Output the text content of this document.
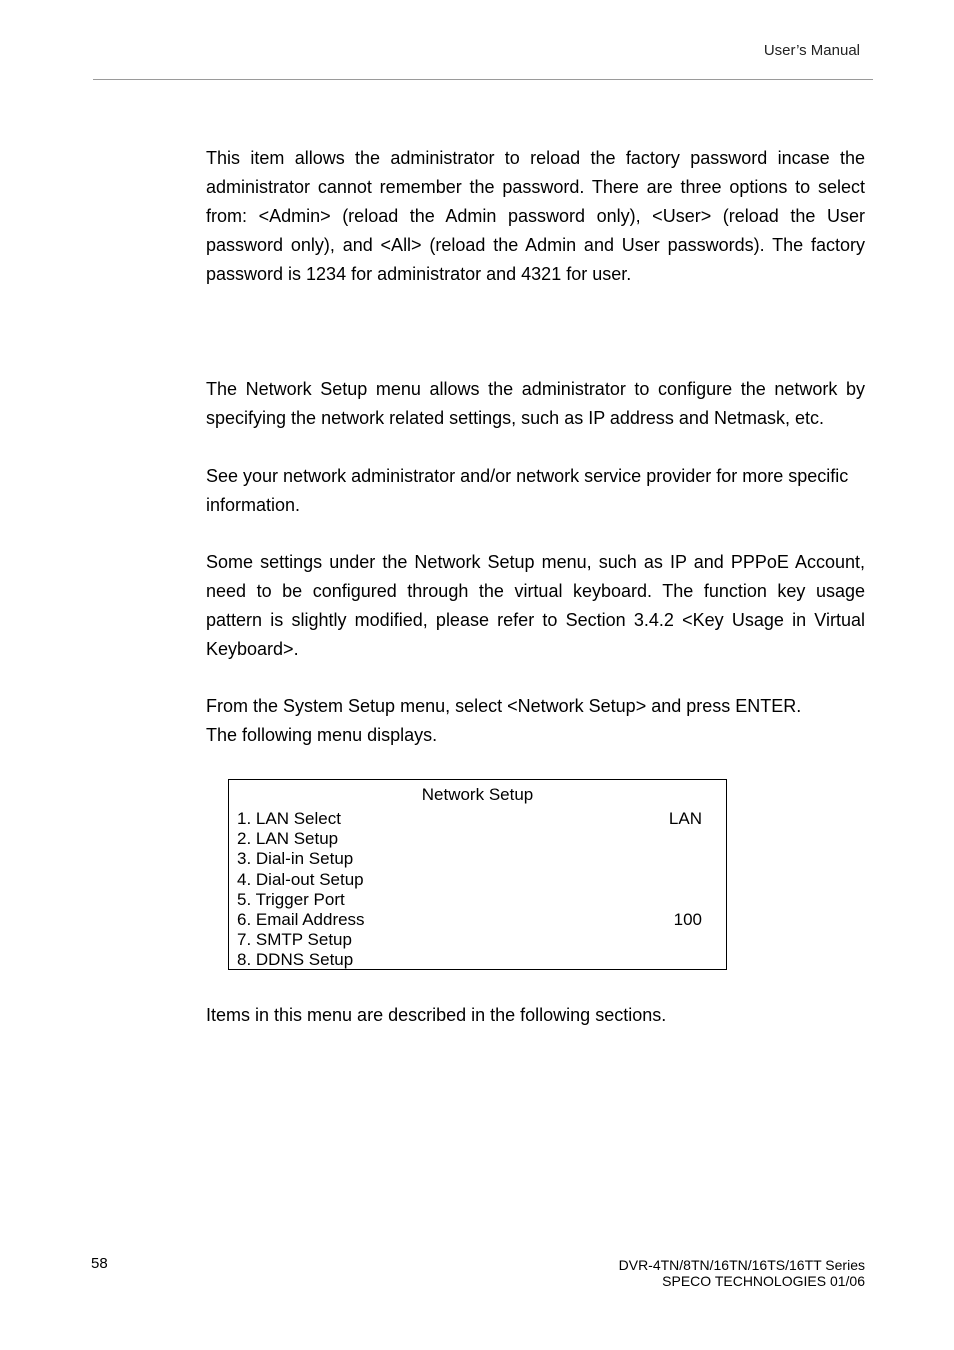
User’s Manual

This item allows the administrator to reload the factory password incase the administrator cannot remember the password. There are three options to select from: <Admin> (reload the Admin password only), <User> (reload the User password only), and <All> (reload the Admin and User passwords). The factory password is 1234 for administrator and 4321 for user.

The Network Setup menu allows the administrator to configure the network by specifying the network related settings, such as IP address and Netmask, etc.

See your network administrator and/or network service provider for more specific information.

Some settings under the Network Setup menu, such as IP and PPPoE Account, need to be configured through the virtual keyboard. The function key usage pattern is slightly modified, please refer to Section 3.4.2 <Key Usage in Virtual Keyboard>.

From the System Setup menu, select <Network Setup> and press ENTER.
The following menu displays.
Network Setup
1. LAN Select	LAN
2. LAN Setup
3. Dial-in Setup
4. Dial-out Setup
5. Trigger Port
6. Email Address	100
7. SMTP Setup
8. DDNS Setup

Items in this menu are described in the following sections.

58	DVR-4TN/8TN/16TN/16TS/16TT Series
SPECO TECHNOLOGIES 01/06
